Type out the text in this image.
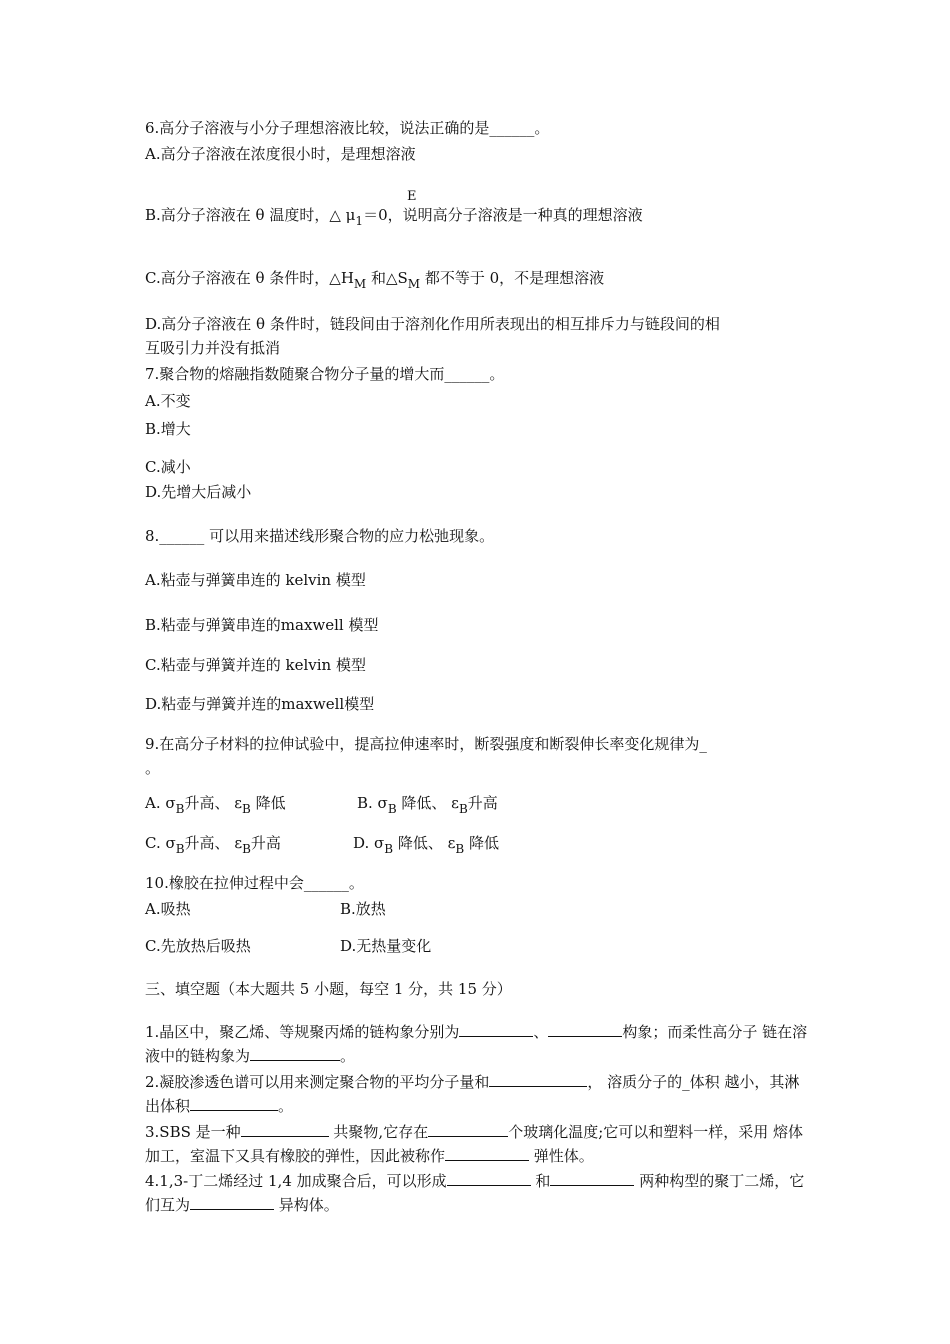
6.高分子溶液与小分子理想溶液比较，说法正确的是______。
A.高分子溶液在浓度很小时，是理想溶液
B.高分子溶液在 θ 温度时，△ $\mu_1$
E
＝0，说明高分子溶液是一种真的理想溶液
C.高分子溶液在 θ 条件时，$\triangle H_M$ 和$\triangle S_M$ 都不等于 0，不是理想溶液
D.高分子溶液在 θ 条件时，链段间由于溶剂化作用所表现出的相互排斥力与链段间的相
互吸引力并没有抵消
7.聚合物的熔融指数随聚合物分子量的增大而______。
A.不变
B.增大
C.减小
D.先增大后减小
8.______ 可以用来描述线形聚合物的应力松弛现象。
A.粘壶与弹簧串连的 kelvin 模型
B.粘壶与弹簧串连的maxwell 模型
C.粘壶与弹簧并连的 kelvin 模型
D.粘壶与弹簧并连的maxwell模型
9.在高分子材料的拉伸试验中，提高拉伸速率时，断裂强度和断裂伸长率变化规律为_
。
A. $\sigma_B$升高、 $\varepsilon_B$ 降低	B. $\sigma_B$ 降低、 $\varepsilon_B$升高
C. $\sigma_B$升高、 $\varepsilon_B$升高	D. $\sigma_B$ 降低、 $\varepsilon_B$ 降低
10.橡胶在拉伸过程中会______。
A.吸热	B.放热
C.先放热后吸热	D.无热量变化
三、填空题（本大题共 5 小题，每空 1 分，共 15 分）
1.晶区中，聚乙烯、等规聚丙烯的链构象分别为	、	构象；而柔性高分子 链在溶液中的链构象为	。
2.凝胶渗透色谱可以用来测定聚合物的平均分子量和	， 溶质分子的_体积 越小，其淋出体积	。
3.SBS 是一种	共聚物,它存在	个玻璃化温度;它可以和塑料一样，采用 熔体加工，室温下又具有橡胶的弹性，因此被称作	弹性体。
4.1,3-丁二烯经过 1,4 加成聚合后，可以形成	和	两种构型的聚丁二烯，它们互为	异构体。
